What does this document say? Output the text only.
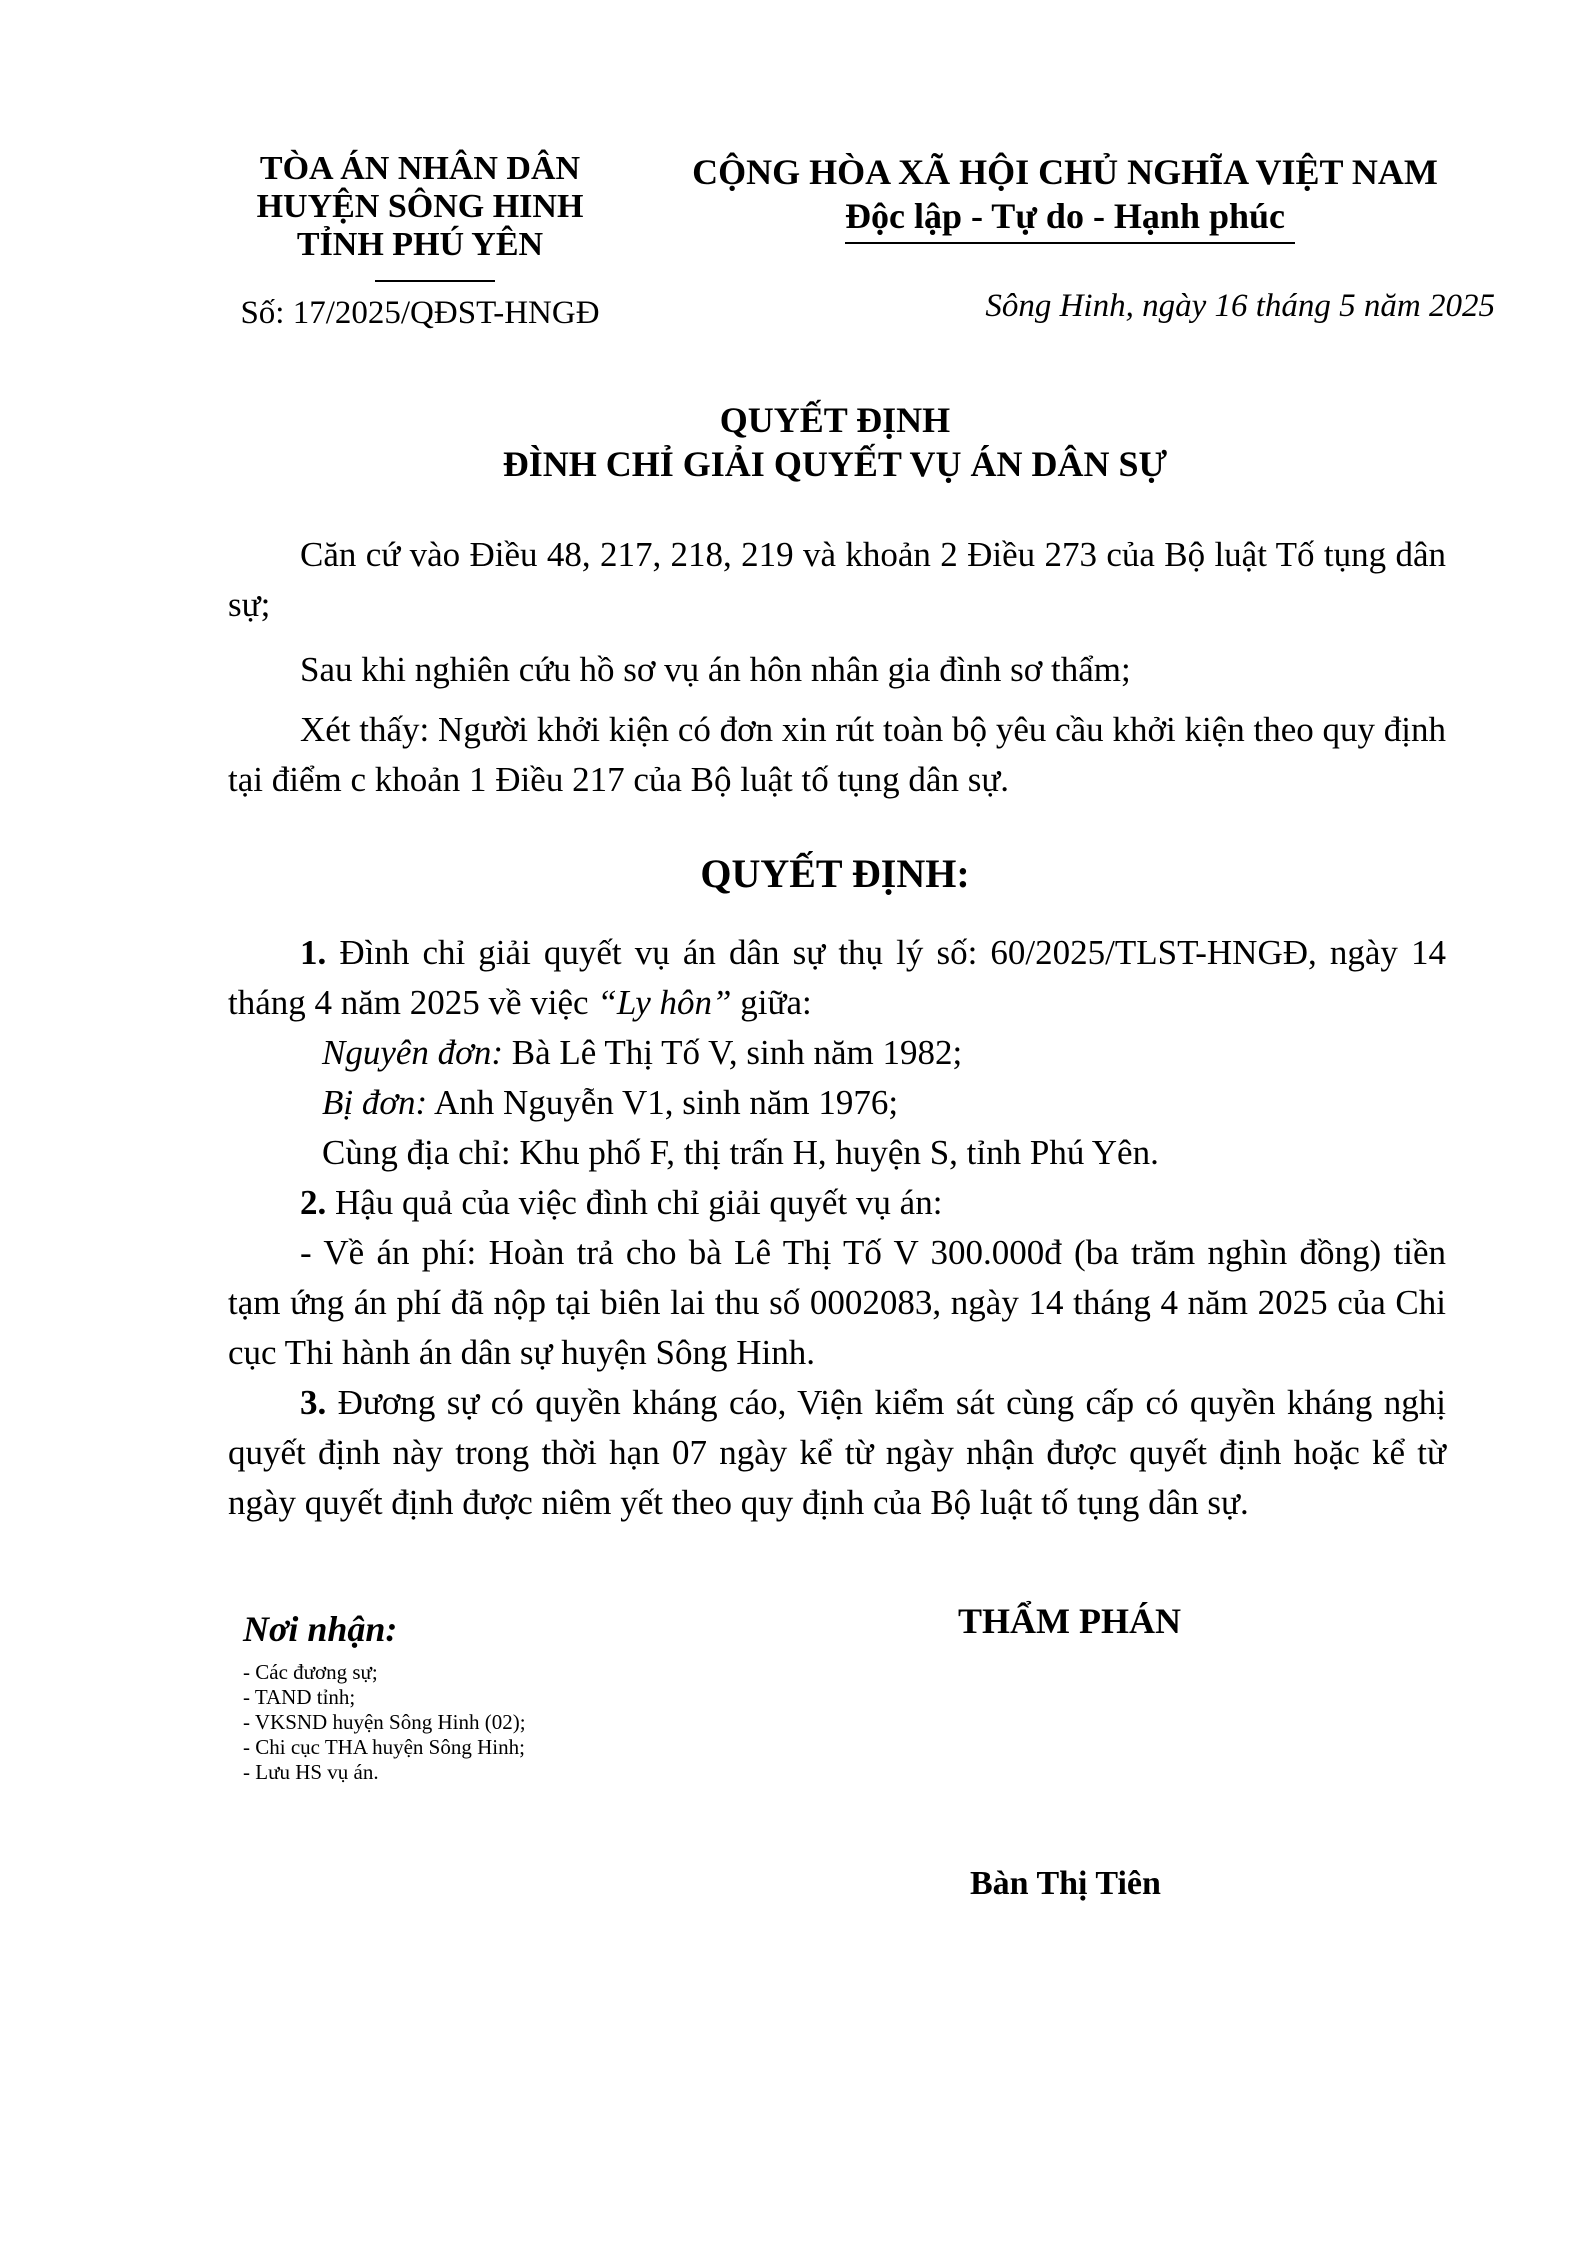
TÒA ÁN NHÂN DÂN
HUYỆN SÔNG HINH
TỈNH PHÚ YÊN
Số: 17/2025/QĐST-HNGĐ
CỘNG HÒA XÃ HỘI CHỦ NGHĨA VIỆT NAM
Độc lập - Tự do - Hạnh phúc
Sông Hinh, ngày 16 tháng 5 năm 2025
QUYẾT ĐỊNH
ĐÌNH CHỈ GIẢI QUYẾT VỤ ÁN DÂN SỰ
Căn cứ vào Điều 48, 217, 218, 219 và khoản 2 Điều 273 của Bộ luật Tố tụng dân sự;
Sau khi nghiên cứu hồ sơ vụ án hôn nhân gia đình sơ thẩm;
Xét thấy: Người khởi kiện có đơn xin rút toàn bộ yêu cầu khởi kiện theo quy định tại điểm c khoản 1 Điều 217 của Bộ luật tố tụng dân sự.
QUYẾT ĐỊNH:
1. Đình chỉ giải quyết vụ án dân sự thụ lý số: 60/2025/TLST-HNGĐ, ngày 14 tháng 4 năm 2025 về việc “Ly hôn” giữa:
Nguyên đơn: Bà Lê Thị Tố V, sinh năm 1982;
Bị đơn: Anh Nguyễn V1, sinh năm 1976;
Cùng địa chỉ: Khu phố F, thị trấn H, huyện S, tỉnh Phú Yên.
2. Hậu quả của việc đình chỉ giải quyết vụ án:
- Về án phí: Hoàn trả cho bà Lê Thị Tố V 300.000đ (ba trăm nghìn đồng) tiền tạm ứng án phí đã nộp tại biên lai thu số 0002083, ngày 14 tháng 4 năm 2025 của Chi cục Thi hành án dân sự huyện Sông Hinh.
3. Đương sự có quyền kháng cáo, Viện kiểm sát cùng cấp có quyền kháng nghị quyết định này trong thời hạn 07 ngày kể từ ngày nhận được quyết định hoặc kể từ ngày quyết định được niêm yết theo quy định của Bộ luật tố tụng dân sự.
Nơi nhận:
- Các đương sự;
- TAND tỉnh;
- VKSND huyện Sông Hinh (02);
- Chi cục THA huyện Sông Hinh;
- Lưu HS vụ án.
THẨM PHÁN
Bàn Thị Tiên
